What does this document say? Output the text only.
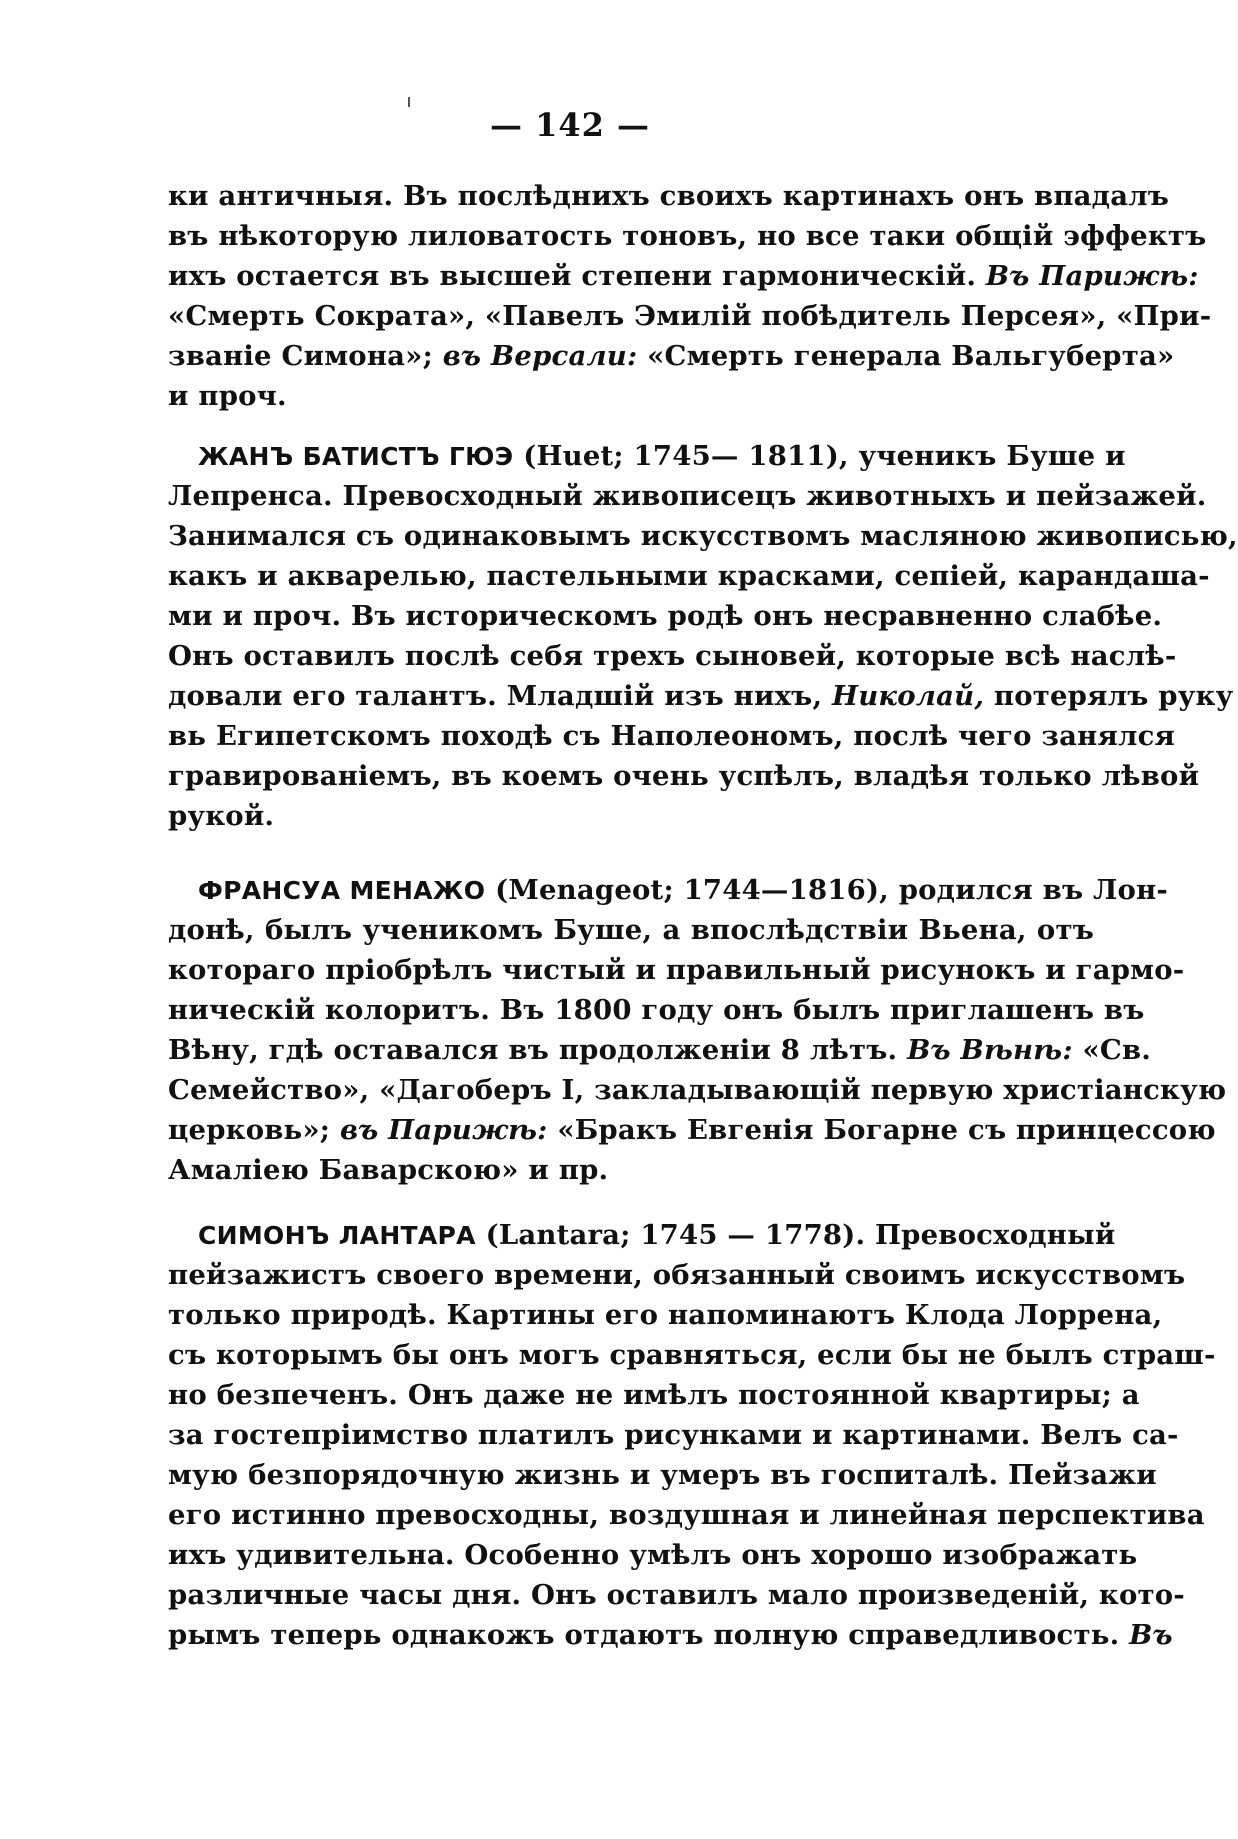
— 142 —
ки античныя. Въ послѣднихъ своихъ картинахъ онъ впадалъ
въ нѣкоторую лиловатость тоновъ, но все таки общій эффектъ
ихъ остается въ высшей степени гармоническій. Въ Парижѣ:
«Смерть Сократа», «Павелъ Эмилій побѣдитель Персея», «При-
званіе Симона»; въ Версали: «Смерть генерала Вальгуберта»
и проч.
ЖАНЪ БАТИСТЪ ГЮЭ (Huet; 1745— 1811), ученикъ Буше и
Лепренса. Превосходный живописецъ животныхъ и пейзажей.
Занимался съ одинаковымъ искусствомъ масляною живописью,
какъ и акварелью, пастельными красками, сепіей, карандаша-
ми и проч. Въ историческомъ родѣ онъ несравненно слабѣе.
Онъ оставилъ послѣ себя трехъ сыновей, которые всѣ наслѣ-
довали его талантъ. Младшій изъ нихъ, Николай, потерялъ руку
вь Египетскомъ походѣ съ Наполеономъ, послѣ чего занялся
гравированіемъ, въ коемъ очень успѣлъ, владѣя только лѣвой
рукой.
ФРАНСУА МЕНАЖО (Menageot; 1744—1816), родился въ Лон-
донѣ, былъ ученикомъ Буше, а впослѣдствіи Вьена, отъ
котораго пріобрѣлъ чистый и правильный рисунокъ и гармо-
ническій колоритъ. Въ 1800 году онъ былъ приглашенъ въ
Вѣну, гдѣ оставался въ продолженіи 8 лѣтъ. Въ Вѣнѣ: «Св.
Семейство», «Дагоберъ I, закладывающій первую христіанскую
церковь»; въ Парижѣ: «Бракъ Евгенія Богарне съ принцессою
Амаліею Баварскою» и пр.
СИМОНЪ ЛАНТАРА (Lantara; 1745 — 1778). Превосходный
пейзажистъ своего времени, обязанный своимъ искусствомъ
только природѣ. Картины его напоминаютъ Клода Лоррена,
съ которымъ бы онъ могъ сравняться, если бы не былъ страш-
но безпеченъ. Онъ даже не имѣлъ постоянной квартиры; а
за гостепріимство платилъ рисунками и картинами. Велъ са-
мую безпорядочную жизнь и умеръ въ госпиталѣ. Пейзажи
его истинно превосходны, воздушная и линейная перспектива
ихъ удивительна. Особенно умѣлъ онъ хорошо изображать
различные часы дня. Онъ оставилъ мало произведеній, кото-
рымъ теперь однакожъ отдаютъ полную справедливость. Въ
